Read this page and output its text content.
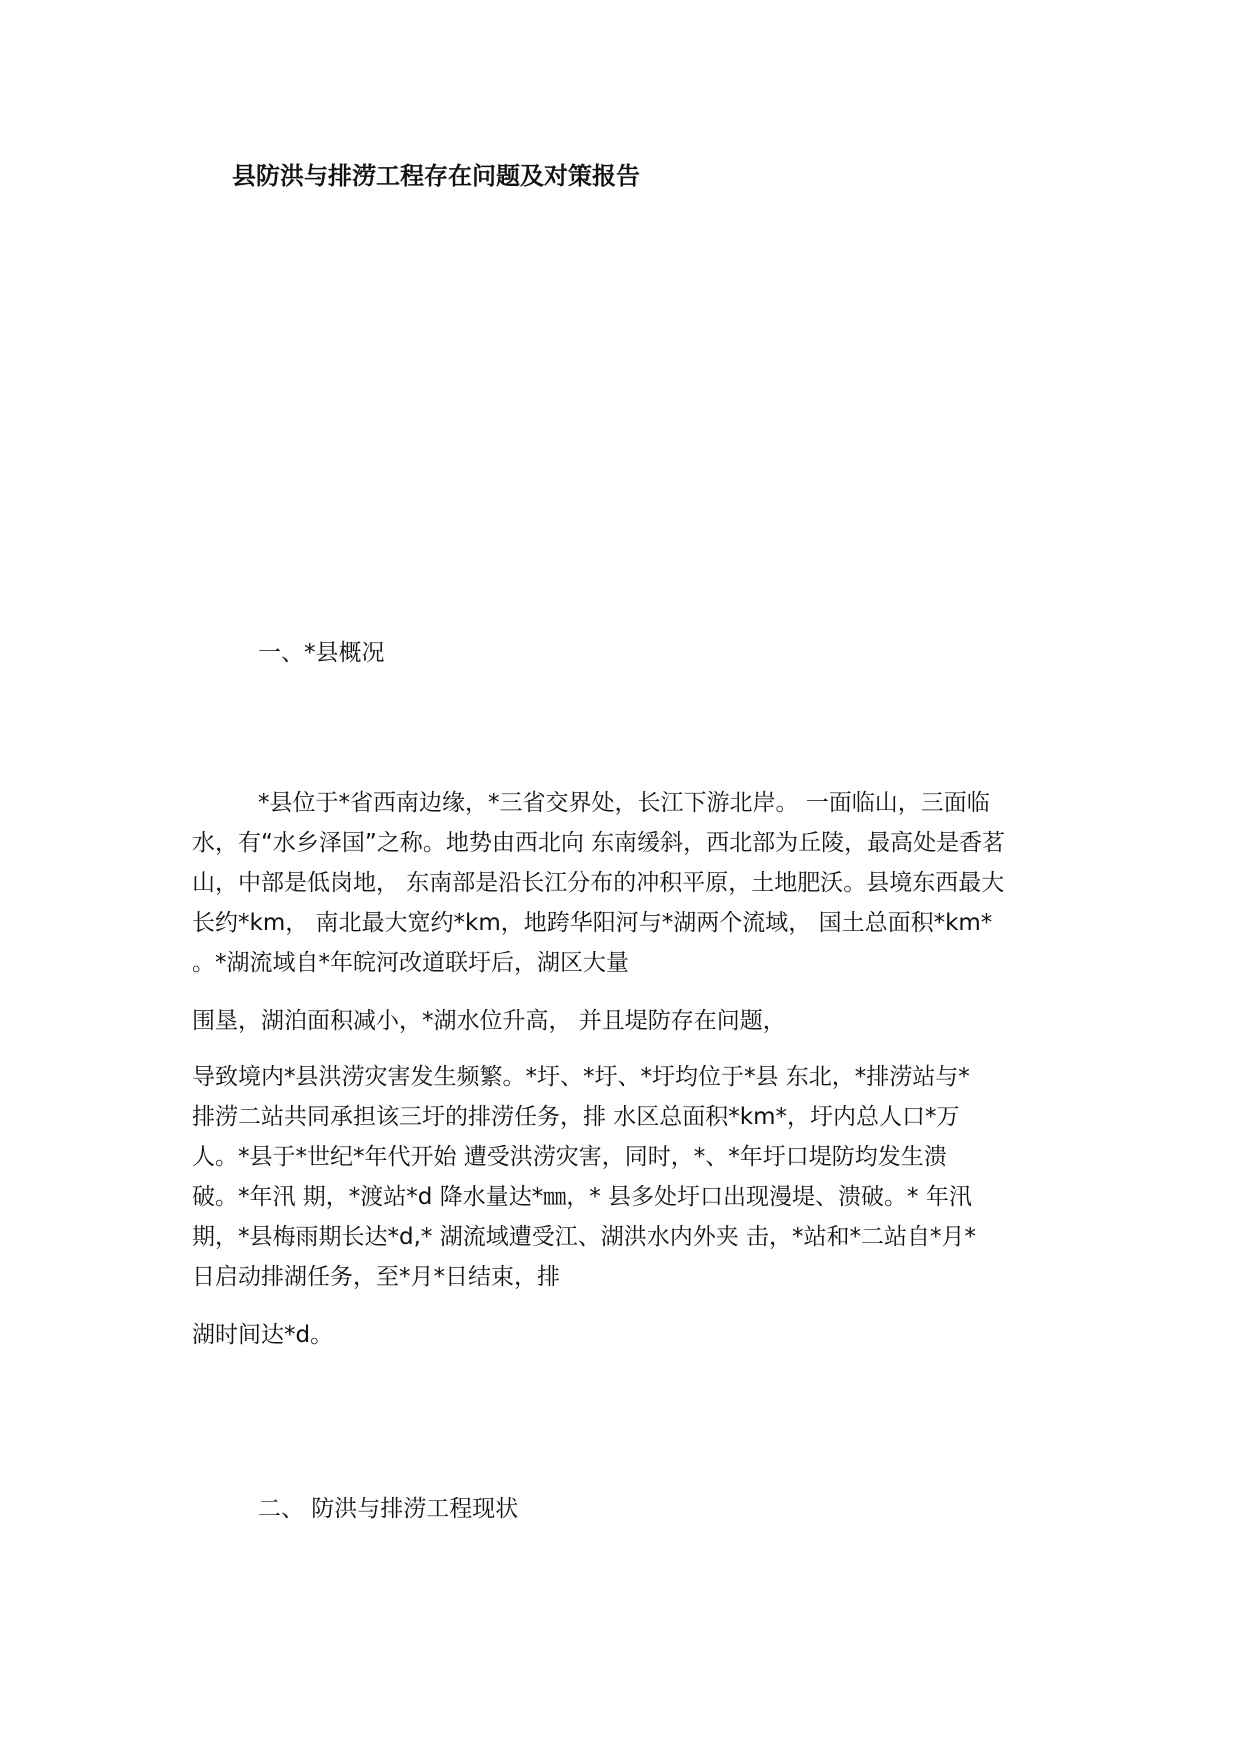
县防洪与排涝工程存在问题及对策报告
一、*县概况
*县位于*省西南边缘，*三省交界处，长江下游北岸。 一面临山，三面临
水，有“水乡泽国”之称。地势由西北向 东南缓斜，西北部为丘陵，最高处是香茗
山，中部是低岗地， 东南部是沿长江分布的冲积平原，土地肥沃。县境东西最大
长约*km， 南北最大宽约*km，地跨华阳河与*湖两个流域， 国土总面积*km*
。*湖流域自*年皖河改道联圩后，湖区大量
围垦，湖泊面积减小，*湖水位升高， 并且堤防存在问题，
导致境内*县洪涝灾害发生频繁。*圩、*圩、*圩均位于*县 东北，*排涝站与*
排涝二站共同承担该三圩的排涝任务，排 水区总面积*km*，圩内总人口*万
人。*县于*世纪*年代开始 遭受洪涝灾害，同时，*、*年圩口堤防均发生溃
破。*年汛 期，*渡站*d 降水量达*㎜，* 县多处圩口出现漫堤、溃破。* 年汛
期，*县梅雨期长达*d,* 湖流域遭受江、湖洪水内外夹 击，*站和*二站自*月*
日启动排湖任务，至*月*日结束，排
湖时间达*d。
二、 防洪与排涝工程现状
